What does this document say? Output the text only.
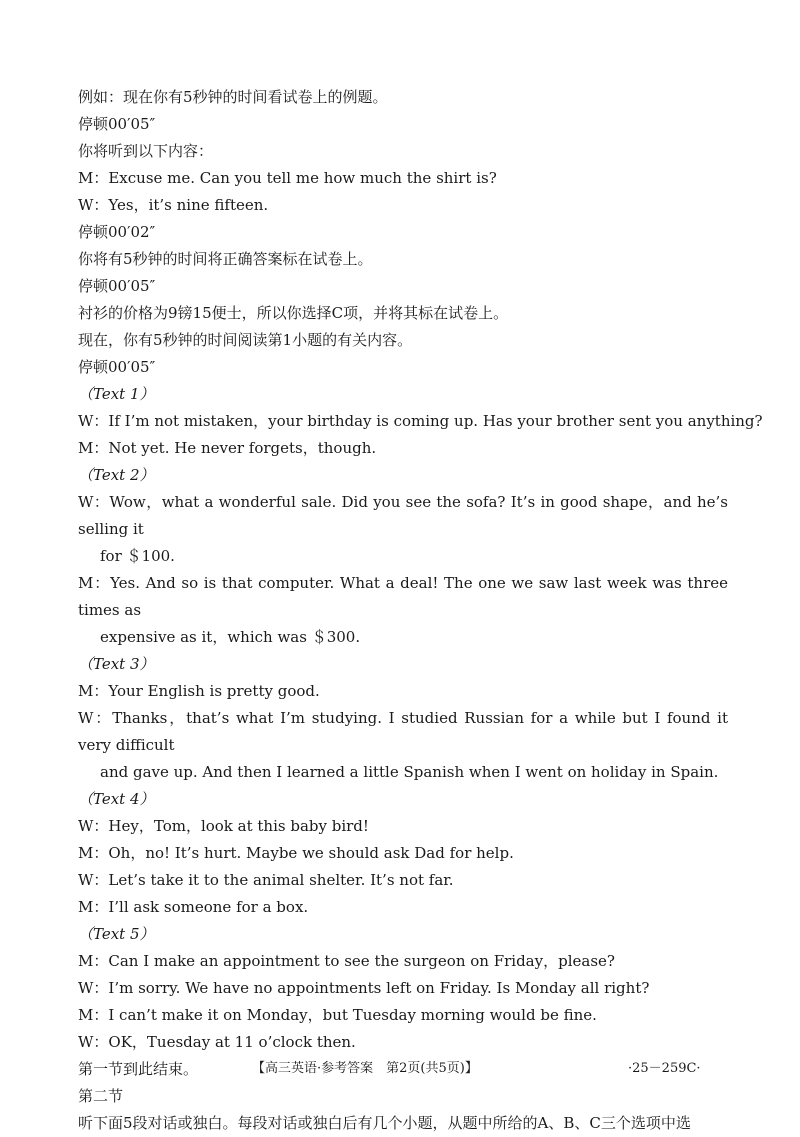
例如：现在你有5秒钟的时间看试卷上的例题。
停顿00′05″
你将听到以下内容：
M：Excuse me. Can you tell me how much the shirt is?
W：Yes，it’s nine fifteen.
停顿00′02″
你将有5秒钟的时间将正确答案标在试卷上。
停顿00′05″
衬衫的价格为9镑15便士，所以你选择C项，并将其标在试卷上。
现在，你有5秒钟的时间阅读第1小题的有关内容。
停顿00′05″
（Text 1）
W：If I’m not mistaken，your birthday is coming up. Has your brother sent you anything?
M：Not yet. He never forgets，though.
（Text 2）
W：Wow，what a wonderful sale. Did you see the sofa? It’s in good shape，and he’s selling it
for ＄100.
M：Yes. And so is that computer. What a deal! The one we saw last week was three times as
expensive as it，which was ＄300.
（Text 3）
M：Your English is pretty good.
W：Thanks，that’s what I’m studying. I studied Russian for a while but I found it very difficult
and gave up. And then I learned a little Spanish when I went on holiday in Spain.
（Text 4）
W：Hey，Tom，look at this baby bird!
M：Oh，no! It’s hurt. Maybe we should ask Dad for help.
W：Let’s take it to the animal shelter. It’s not far.
M：I’ll ask someone for a box.
（Text 5）
M：Can I make an appointment to see the surgeon on Friday，please?
W：I’m sorry. We have no appointments left on Friday. Is Monday all right?
M：I can’t make it on Monday，but Tuesday morning would be fine.
W：OK，Tuesday at 11 o’clock then.
第一节到此结束。
第二节
听下面5段对话或独白。每段对话或独白后有几个小题，从题中所给的A、B、C三个选项中选
【高三英语·参考答案　第2页(共5页)】	·25－259C·
